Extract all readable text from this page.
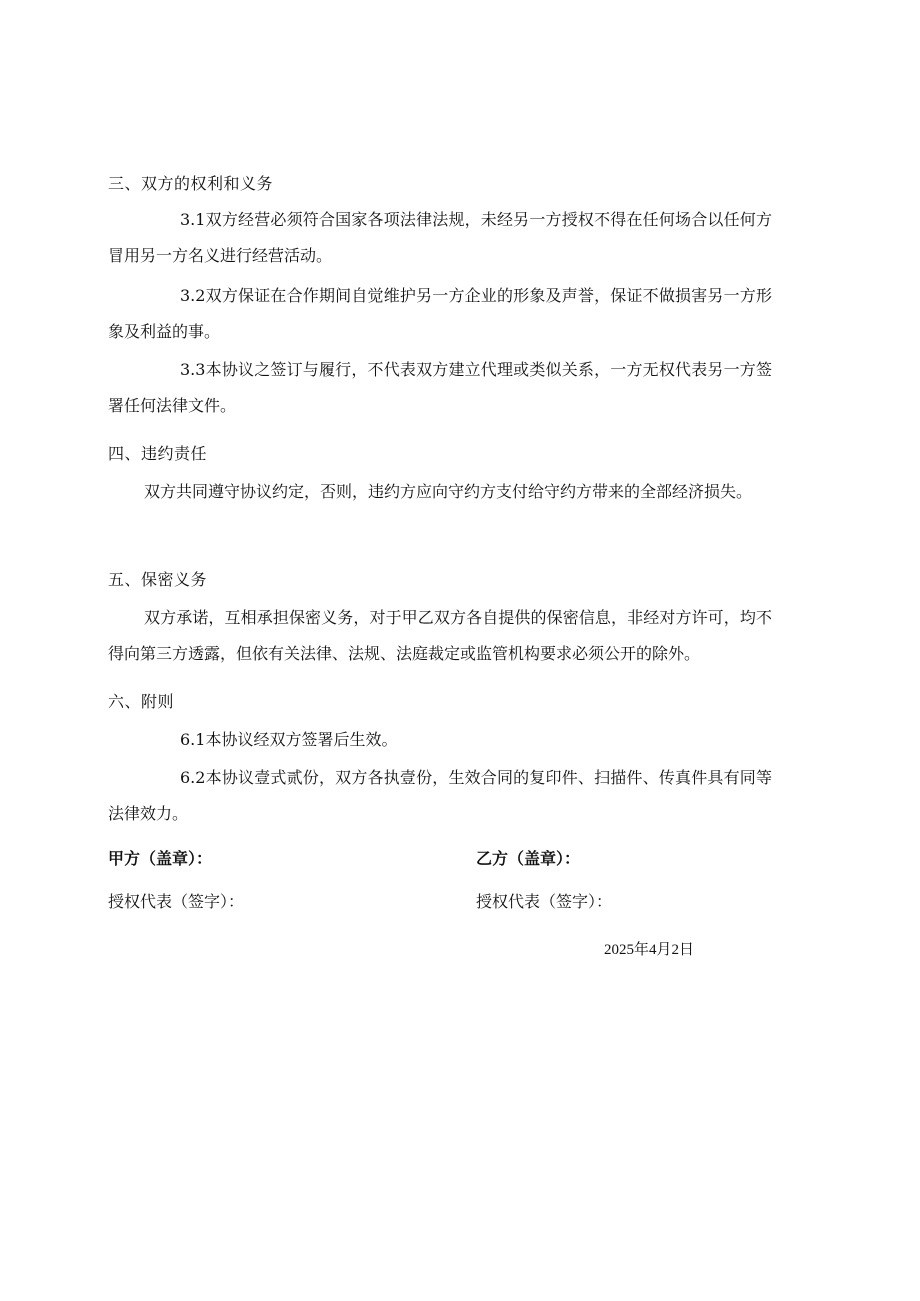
三、双方的权利和义务
3.1双方经营必须符合国家各项法律法规，未经另一方授权不得在任何场合以任何方冒用另一方名义进行经营活动。
3.2双方保证在合作期间自觉维护另一方企业的形象及声誉，保证不做损害另一方形象及利益的事。
3.3本协议之签订与履行，不代表双方建立代理或类似关系，一方无权代表另一方签署任何法律文件。
四、违约责任
双方共同遵守协议约定，否则，违约方应向守约方支付给守约方带来的全部经济损失。
五、保密义务
双方承诺，互相承担保密义务，对于甲乙双方各自提供的保密信息，非经对方许可，均不得向第三方透露，但依有关法律、法规、法庭裁定或监管机构要求必须公开的除外。
六、附则
6.1本协议经双方签署后生效。
6.2本协议壹式贰份，双方各执壹份，生效合同的复印件、扫描件、传真件具有同等法律效力。
甲方（盖章）：	乙方（盖章）：
授权代表（签字）：	授权代表（签字）：
2025年4月2日
